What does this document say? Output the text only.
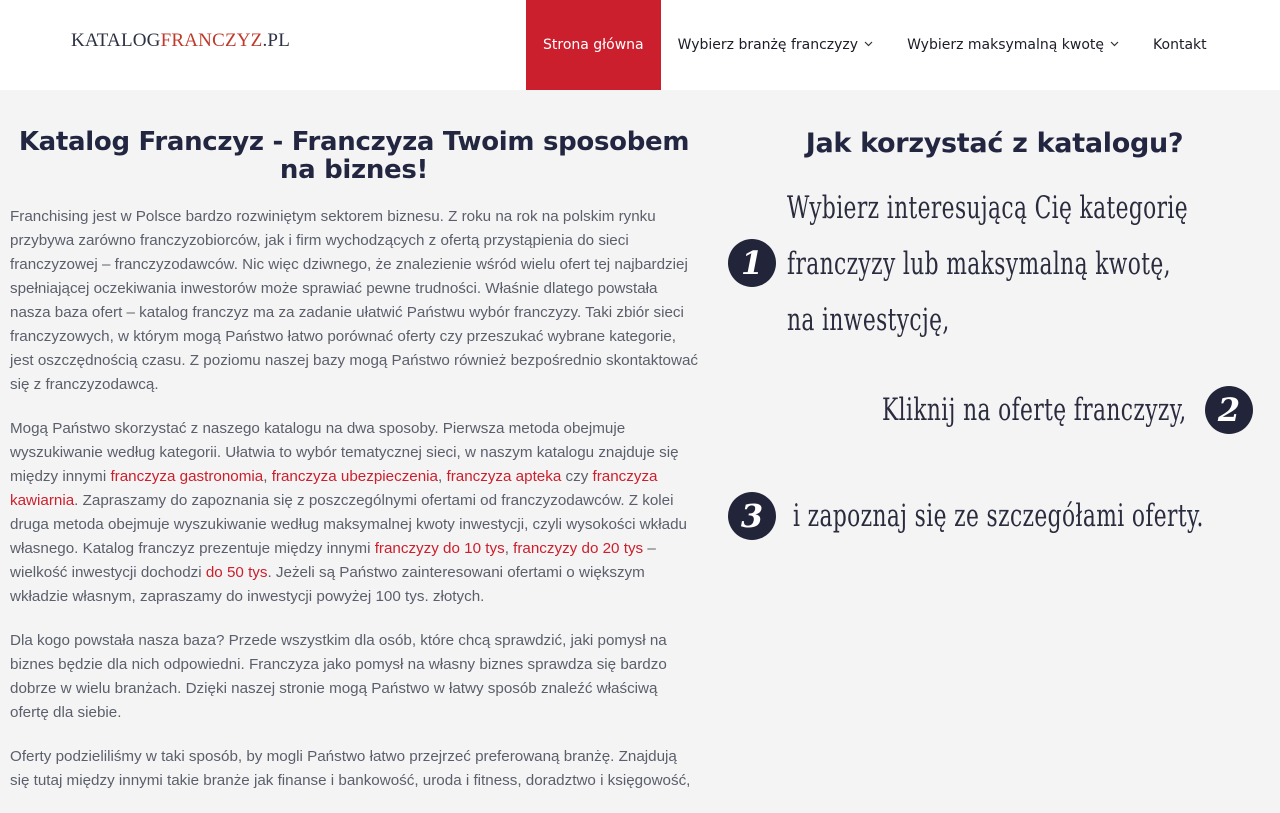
KATALOGFRANCZYZ.PL	Strona główna Wybierz branżę franczyzy	Wybierz maksymalną kwotę	Kontakt
Katalog Franczyz - Franczyza Twoim sposobem na biznes!

Franchising jest w Polsce bardzo rozwiniętym sektorem biznesu. Z roku na rok na polskim rynku przybywa zarówno franczyzobiorców, jak i firm wychodzących z ofertą przystąpienia do sieci franczyzowej – franczyzodawców. Nic więc dziwnego, że znalezienie wśród wielu ofert tej najbardziej spełniającej oczekiwania inwestorów może sprawiać pewne trudności. Właśnie dlatego powstała nasza baza ofert – katalog franczyz ma za zadanie ułatwić Państwu wybór franczyzy. Taki zbiór sieci franczyzowych, w którym mogą Państwo łatwo porównać oferty czy przeszukać wybrane kategorie, jest oszczędnością czasu. Z poziomu naszej bazy mogą Państwo również bezpośrednio skontaktować się z franczyzodawcą.

Mogą Państwo skorzystać z naszego katalogu na dwa sposoby. Pierwsza metoda obejmuje wyszukiwanie według kategorii. Ułatwia to wybór tematycznej sieci, w naszym katalogu znajduje się między innymi franczyza gastronomia, franczyza ubezpieczenia, franczyza apteka czy franczyza kawiarnia. Zapraszamy do zapoznania się z poszczególnymi ofertami od franczyzodawców. Z kolei druga metoda obejmuje wyszukiwanie według maksymalnej kwoty inwestycji, czyli wysokości wkładu własnego. Katalog franczyz prezentuje między innymi franczyzy do 10 tys, franczyzy do 20 tys – wielkość inwestycji dochodzi do 50 tys. Jeżeli są Państwo zainteresowani ofertami o większym wkładzie własnym, zapraszamy do inwestycji powyżej 100 tys. złotych.

Dla kogo powstała nasza baza? Przede wszystkim dla osób, które chcą sprawdzić, jaki pomysł na biznes będzie dla nich odpowiedni. Franczyza jako pomysł na własny biznes sprawdza się bardzo dobrze w wielu branżach. Dzięki naszej stronie mogą Państwo w łatwy sposób znaleźć właściwą ofertę dla siebie.

Oferty podzieliliśmy w taki sposób, by mogli Państwo łatwo przejrzeć preferowaną branżę. Znajdują się tutaj między innymi takie branże jak finanse i bankowość, uroda i fitness, doradztwo i księgowość,

Jak korzystać z katalogu?
1
Wybierz interesującą Cię kategorię
franczyzy lub maksymalną kwotę,
na inwestycję,
Kliknij na ofertę franczyzy, 2
3 i zapoznaj się ze szczegółami oferty.
